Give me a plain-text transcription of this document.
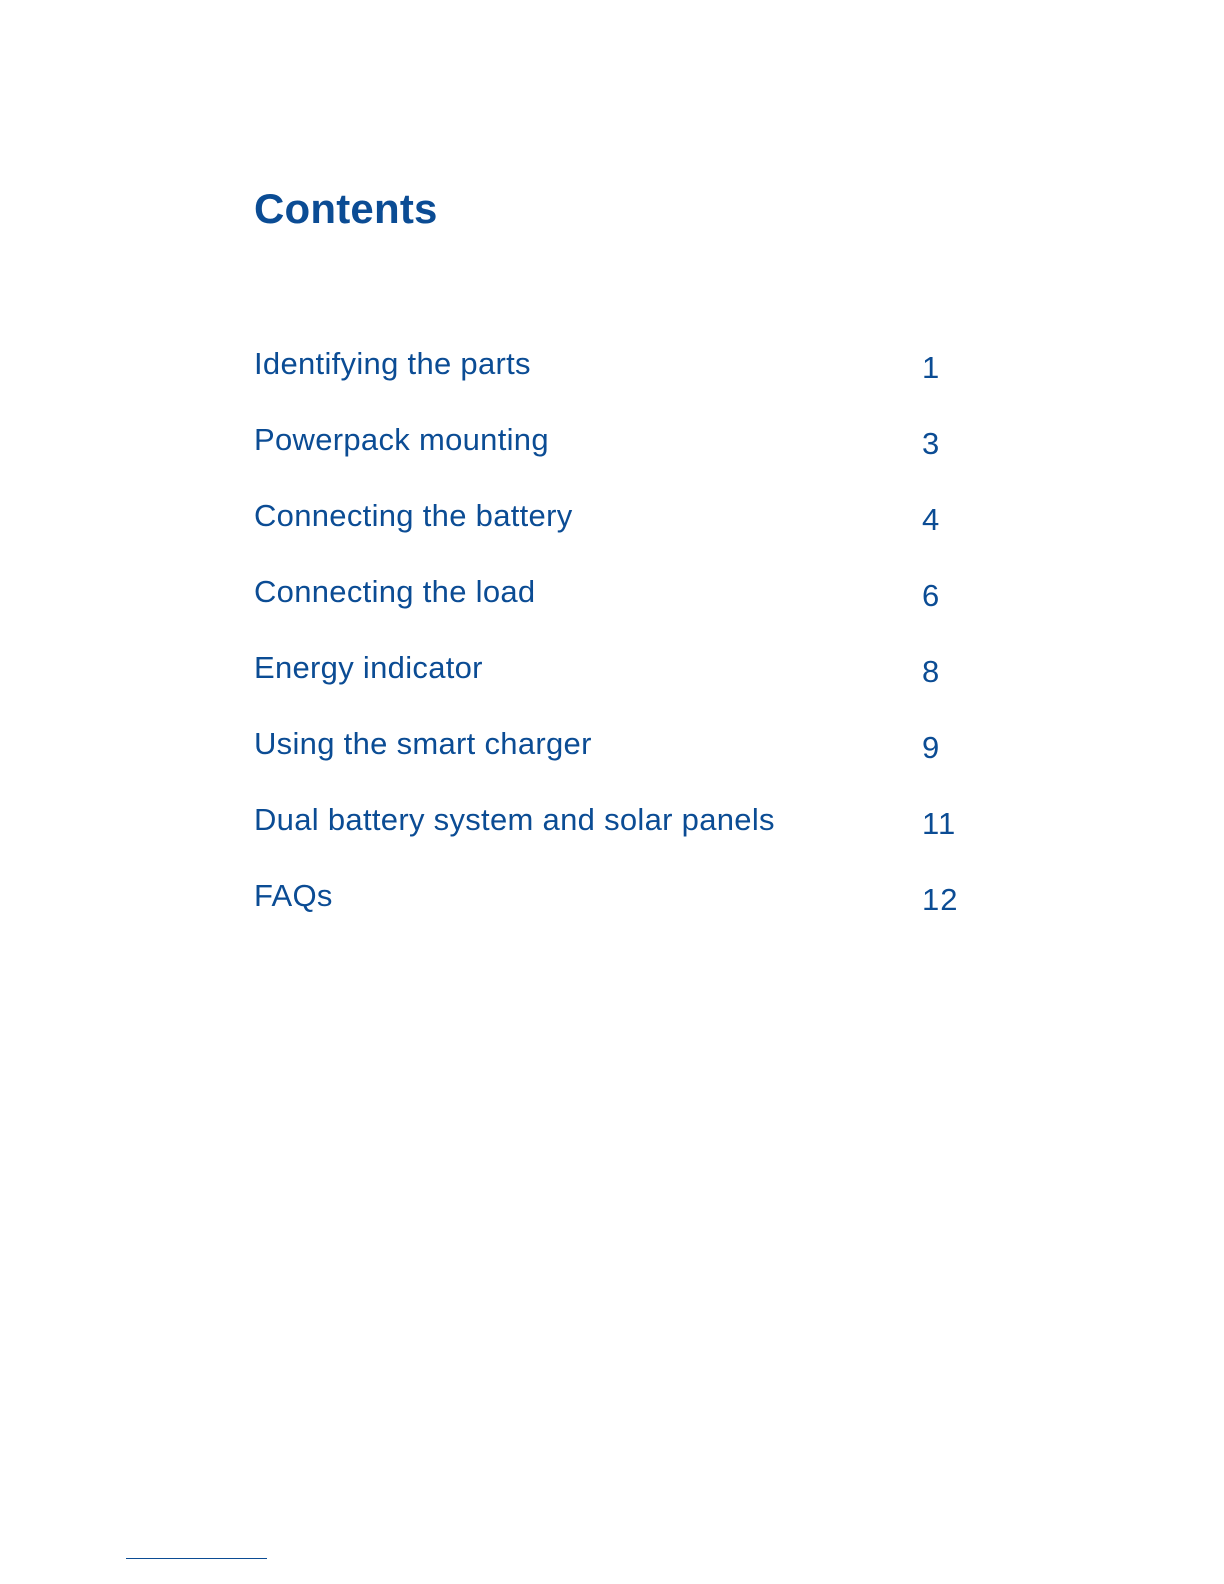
Contents
Identifying the parts	1
Powerpack mounting	3
Connecting the battery	4
Connecting the load	6
Energy indicator	8
Using the smart charger	9
Dual battery system and solar panels	11
FAQs	12
